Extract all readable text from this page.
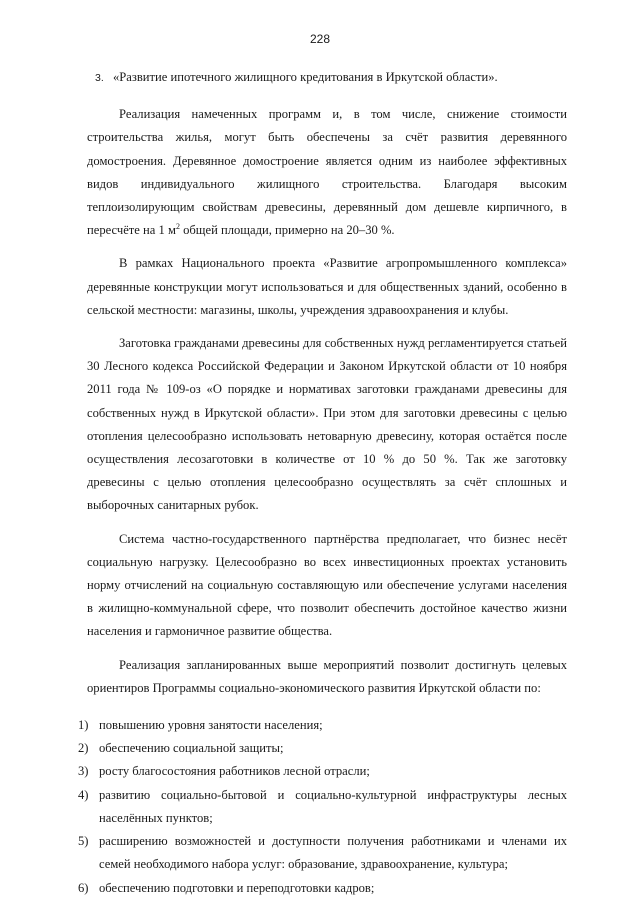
228
3. «Развитие ипотечного жилищного кредитования в Иркутской области».

Реализация намеченных программ и, в том числе, снижение стоимости строительства жилья, могут быть обеспечены за счёт развития деревянного домостроения. Деревянное домостроение является одним из наиболее эффективных видов индивидуального жилищного строительства. Благодаря высоким теплоизолирующим свойствам древесины, деревянный дом дешевле кирпичного, в пересчёте на 1 $м^2$ общей площади, примерно на 20–30 %.

В рамках Национального проекта «Развитие агропромышленного комплекса» деревянные конструкции могут использоваться и для общественных зданий, особенно в сельской местности: магазины, школы, учреждения здравоохранения и клубы.

Заготовка гражданами древесины для собственных нужд регламентируется статьей 30 Лесного кодекса Российской Федерации и Законом Иркутской области от 10 ноября 2011 года № 109-оз «О порядке и нормативах заготовки гражданами древесины для собственных нужд в Иркутской области». При этом для заготовки древесины с целью отопления целесообразно использовать нетоварную древесину, которая остаётся после осуществления лесозаготовки в количестве от 10 % до 50 %. Так же заготовку древесины с целью отопления целесообразно осуществлять за счёт сплошных и выборочных санитарных рубок.

Система частно-государственного партнёрства предполагает, что бизнес несёт социальную нагрузку. Целесообразно во всех инвестиционных проектах установить норму отчислений на социальную составляющую или обеспечение услугами населения в жилищно-коммунальной сфере, что позволит обеспечить достойное качество жизни населения и гармоничное развитие общества.

Реализация запланированных выше мероприятий позволит достигнуть целевых ориентиров Программы социально-экономического развития Иркутской области по:

1) повышению уровня занятости населения;
2) обеспечению социальной защиты;
3) росту благосостояния работников лесной отрасли;
4) развитию социально-бытовой и социально-культурной инфраструктуры лесных населённых пунктов;
5) расширению возможностей и доступности получения работниками и членами их семей необходимого набора услуг: образование, здравоохранение, культура;
6) обеспечению подготовки и переподготовки кадров;
